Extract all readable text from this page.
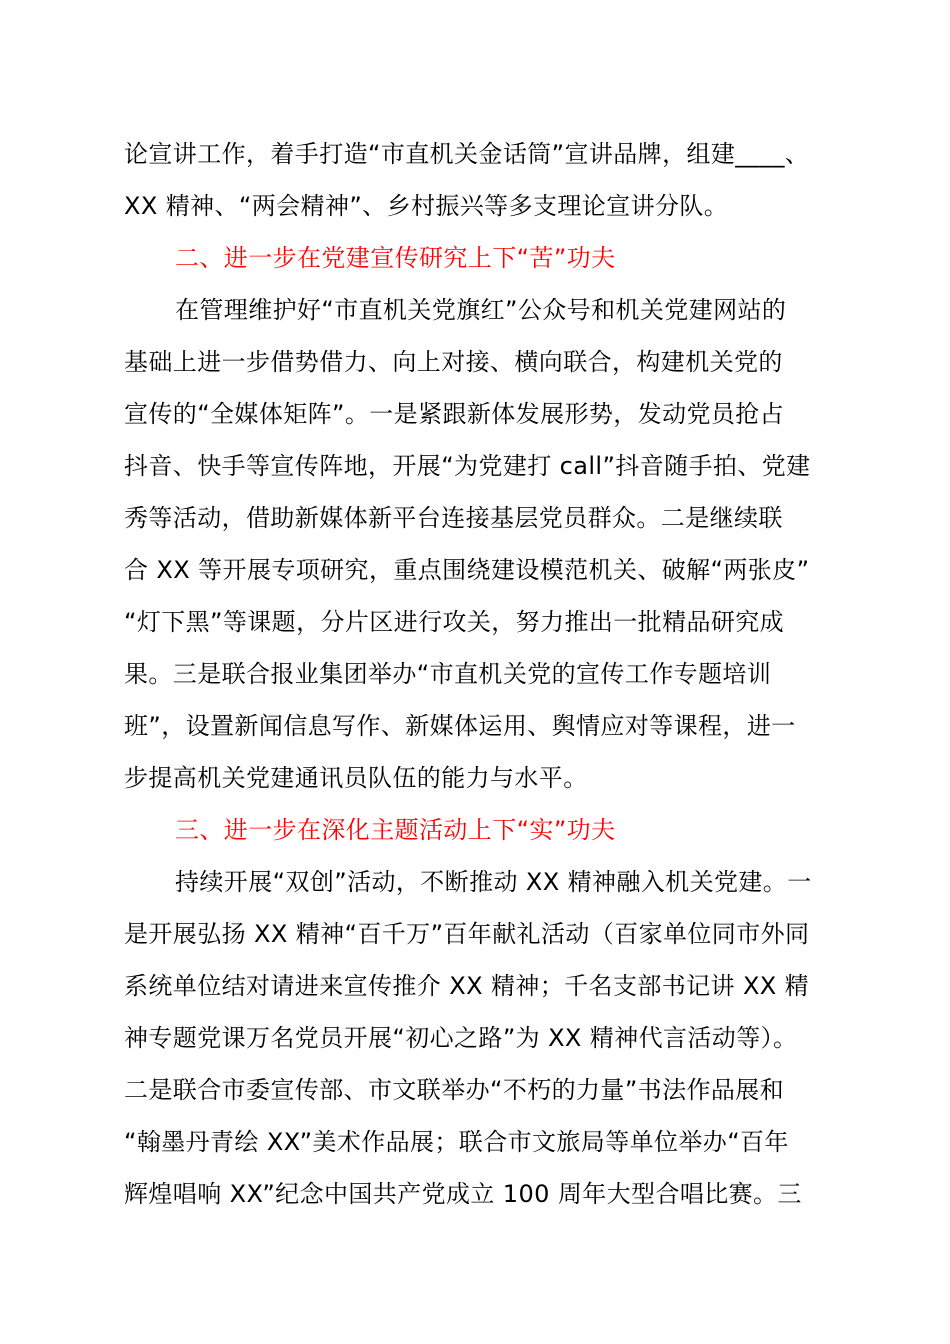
论宣讲工作，着手打造“市直机关金话筒”宣讲品牌，组建____、
XX 精神、“两会精神”、乡村振兴等多支理论宣讲分队。
二、进一步在党建宣传研究上下“苦”功夫
在管理维护好“市直机关党旗红”公众号和机关党建网站的
基础上进一步借势借力、向上对接、横向联合，构建机关党的
宣传的“全媒体矩阵”。一是紧跟新体发展形势，发动党员抢占
抖音、快手等宣传阵地，开展“为党建打 call”抖音随手拍、党建
秀等活动，借助新媒体新平台连接基层党员群众。二是继续联
合 XX 等开展专项研究，重点围绕建设模范机关、破解“两张皮”
“灯下黑”等课题，分片区进行攻关，努力推出一批精品研究成
果。三是联合报业集团举办“市直机关党的宣传工作专题培训
班”，设置新闻信息写作、新媒体运用、舆情应对等课程，进一
步提高机关党建通讯员队伍的能力与水平。
三、进一步在深化主题活动上下“实”功夫
持续开展“双创”活动，不断推动 XX 精神融入机关党建。一
是开展弘扬 XX 精神“百千万”百年献礼活动（百家单位同市外同
系统单位结对请进来宣传推介 XX 精神；千名支部书记讲 XX 精
神专题党课万名党员开展“初心之路”为 XX 精神代言活动等）。
二是联合市委宣传部、市文联举办“不朽的力量”书法作品展和
“翰墨丹青绘 XX”美术作品展；联合市文旅局等单位举办“百年
辉煌唱响 XX”纪念中国共产党成立 100 周年大型合唱比赛。三
